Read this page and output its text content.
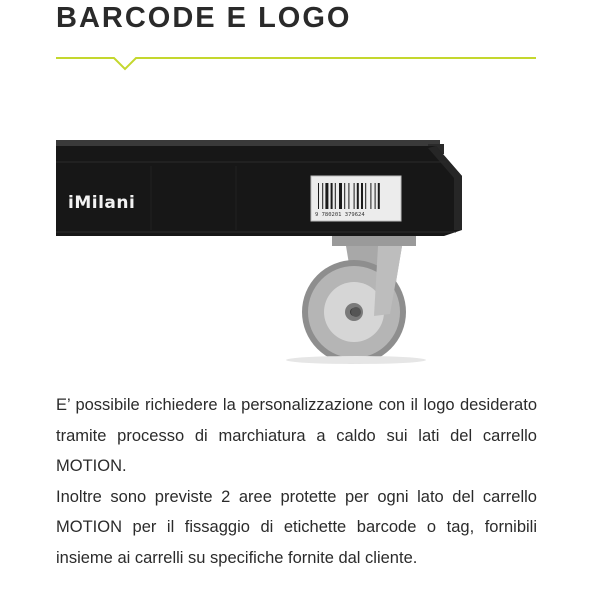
BARCODE E LOGO
iMilani
9 780201 379624

E’ possibile richiedere la personalizzazione con il logo desiderato tramite processo di marchiatura a caldo sui lati del carrello MOTION.

Inoltre sono previste 2 aree protette per ogni lato del carrello MOTION per il fissaggio di etichette barcode o tag, fornibili insieme ai carrelli su specifiche fornite dal cliente.
